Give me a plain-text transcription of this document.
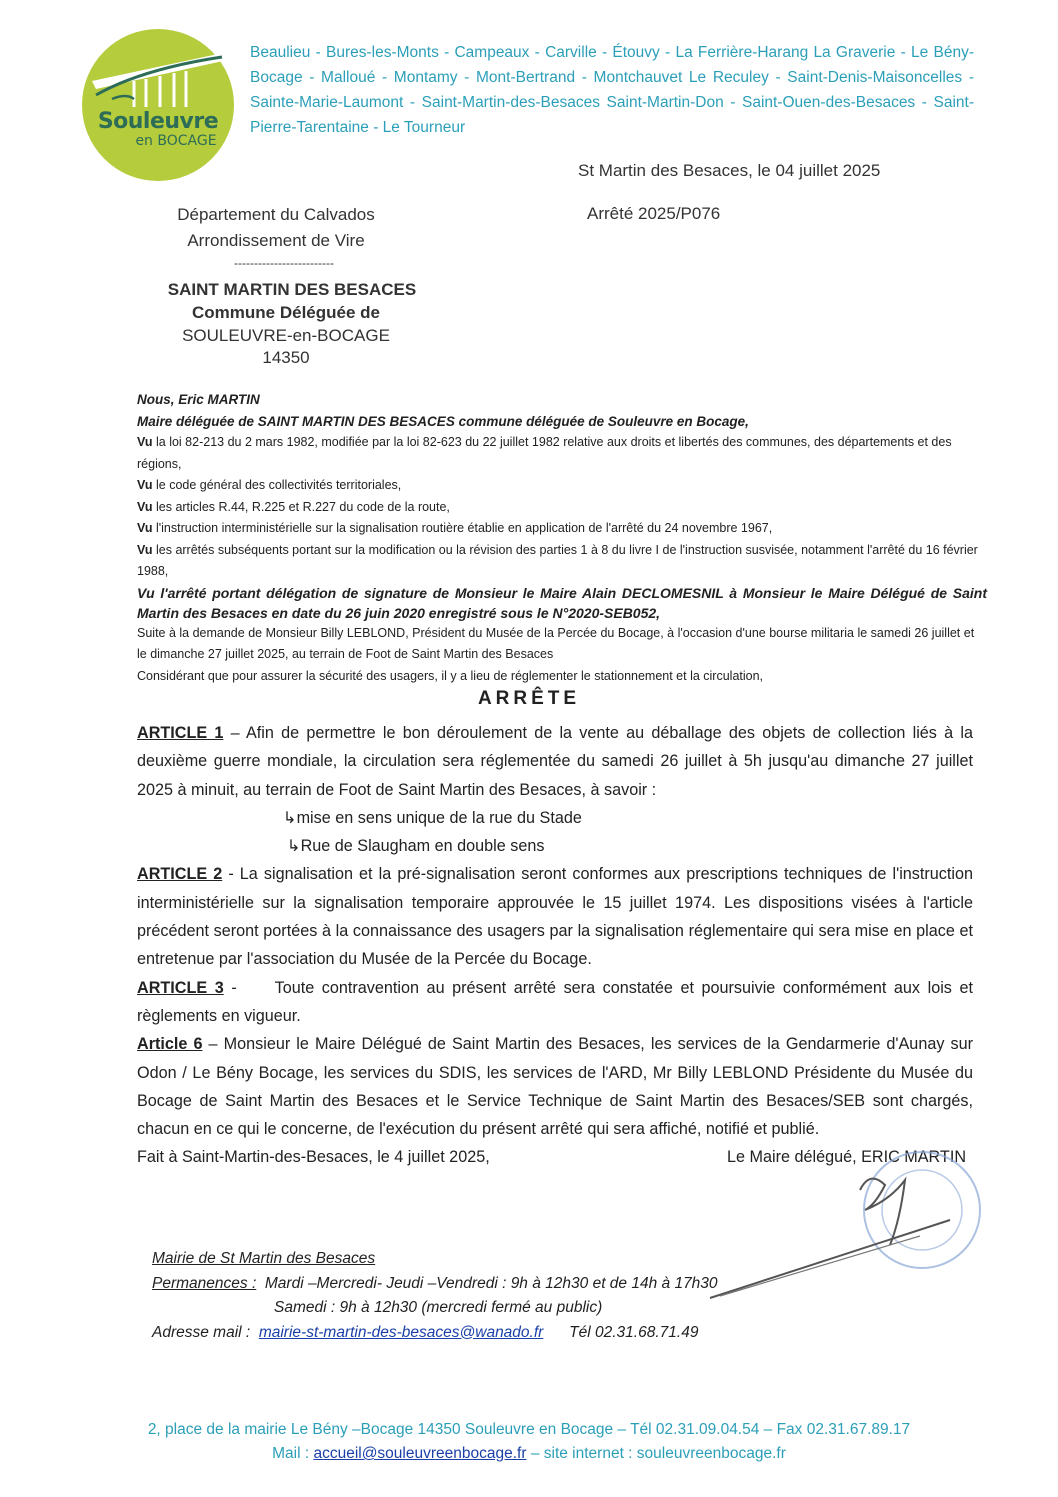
Souleuvre
en BOCAGE
Beaulieu - Bures-les-Monts - Campeaux - Carville - Étouvy - La Ferrière-Harang La Graverie - Le Bény-Bocage - Malloué - Montamy - Mont-Bertrand - Montchauvet Le Reculey - Saint-Denis-Maisoncelles - Sainte-Marie-Laumont - Saint-Martin-des-Besaces Saint-Martin-Don - Saint-Ouen-des-Besaces - Saint-Pierre-Tarentaine - Le Tourneur
St Martin des Besaces, le 04 juillet 2025
Arrêté 2025/P076
Département du Calvados
Arrondissement de Vire
-------------------------
SAINT MARTIN DES BESACES
Commune Déléguée de
SOULEUVRE-en-BOCAGE
14350
Nous, Eric MARTIN
Maire déléguée de SAINT MARTIN DES BESACES commune déléguée de Souleuvre en Bocage,
Vu la loi 82-213 du 2 mars 1982, modifiée par la loi 82-623 du 22 juillet 1982 relative aux droits et libertés des communes, des départements et des régions,
Vu le code général des collectivités territoriales,
Vu les articles R.44, R.225 et R.227 du code de la route,
Vu l'instruction interministérielle sur la signalisation routière établie en application de l'arrêté du 24 novembre 1967,
Vu les arrêtés subséquents portant sur la modification ou la révision des parties 1 à 8 du livre I de l'instruction susvisée, notamment l'arrêté du 16 février 1988,
Vu l'arrêté portant délégation de signature de Monsieur le Maire Alain DECLOMESNIL à Monsieur le Maire Délégué de Saint Martin des Besaces en date du 26 juin 2020 enregistré sous le N°2020-SEB052,
Suite à la demande de Monsieur Billy LEBLOND, Président du Musée de la Percée du Bocage, à l'occasion d'une bourse militaria le samedi 26 juillet et le dimanche 27 juillet 2025, au terrain de Foot de Saint Martin des Besaces
Considérant que pour assurer la sécurité des usagers, il y a lieu de réglementer le stationnement et la circulation,
ARRÊTE
ARTICLE 1 – Afin de permettre le bon déroulement de la vente au déballage des objets de collection liés à la deuxième guerre mondiale, la circulation sera réglementée du samedi 26 juillet à 5h jusqu'au dimanche 27 juillet 2025 à minuit, au terrain de Foot de Saint Martin des Besaces, à savoir :
↳mise en sens unique de la rue du Stade
↳Rue de Slaugham en double sens
ARTICLE 2 - La signalisation et la pré-signalisation seront conformes aux prescriptions techniques de l'instruction interministérielle sur la signalisation temporaire approuvée le 15 juillet 1974. Les dispositions visées à l'article précédent seront portées à la connaissance des usagers par la signalisation réglementaire qui sera mise en place et entretenue par l'association du Musée de la Percée du Bocage.
ARTICLE 3 -     Toute contravention au présent arrêté sera constatée et poursuivie conformément aux lois et règlements en vigueur.
Article 6 – Monsieur le Maire Délégué de Saint Martin des Besaces, les services de la Gendarmerie d'Aunay sur Odon / Le Bény Bocage, les services du SDIS, les services de l'ARD, Mr Billy LEBLOND Présidente du Musée du Bocage de Saint Martin des Besaces et le Service Technique de Saint Martin des Besaces/SEB sont chargés, chacun en ce qui le concerne, de l'exécution du présent arrêté qui sera affiché, notifié et publié.
Fait à Saint-Martin-des-Besaces, le 4 juillet 2025,	Le Maire délégué, ERIC MARTIN
Mairie de St Martin des Besaces
Permanences : Mardi –Mercredi- Jeudi –Vendredi : 9h à 12h30 et de 14h à 17h30
Samedi : 9h à 12h30 (mercredi fermé au public)
Adresse mail : mairie-st-martin-des-besaces@wanado.fr Tél 02.31.68.71.49
2, place de la mairie Le Bény –Bocage 14350 Souleuvre en Bocage – Tél 02.31.09.04.54 – Fax 02.31.67.89.17
Mail : accueil@souleuvreenbocage.fr – site internet : souleuvreenbocage.fr
